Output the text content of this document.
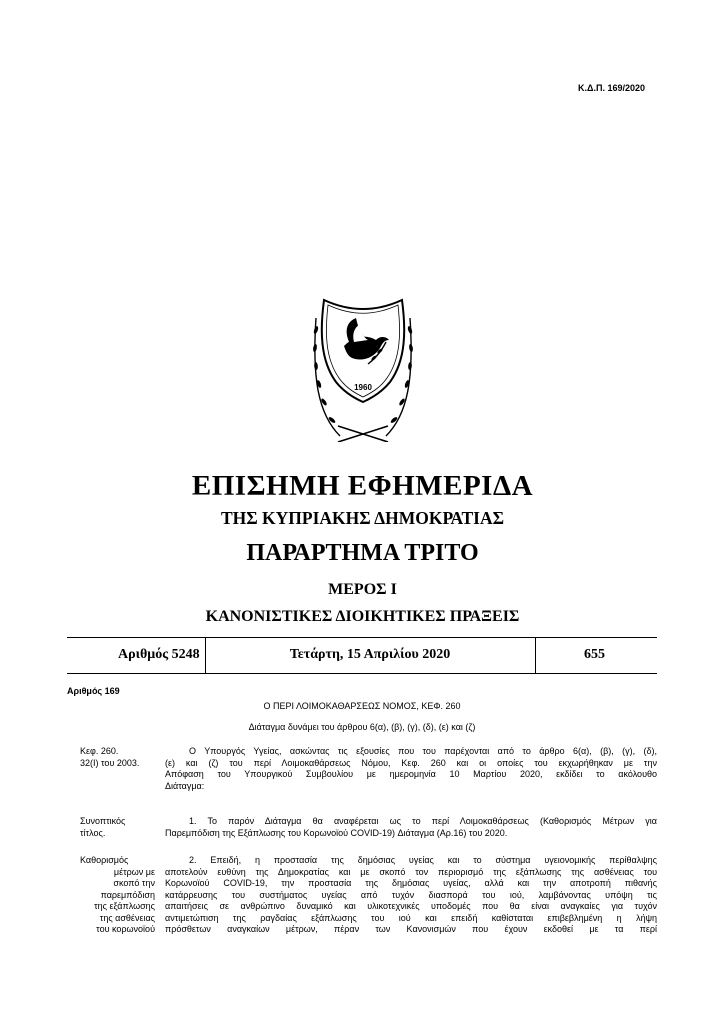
Κ.Δ.Π. 169/2020
1960
ΕΠΙΣΗΜΗ ΕΦΗΜΕΡΙΔΑ
ΤΗΣ ΚΥΠΡΙΑΚΗΣ ΔΗΜΟΚΡΑΤΙΑΣ
ΠΑΡΑΡΤΗΜΑ ΤΡΙΤΟ
ΜΕΡΟΣ Ι
ΚΑΝΟΝΙΣΤΙΚΕΣ ΔΙΟΙΚΗΤΙΚΕΣ ΠΡΑΞΕΙΣ
Αριθμός 5248	Τετάρτη, 15 Απριλίου 2020	655
Αριθμός 169
Ο ΠΕΡΙ ΛΟΙΜΟΚΑΘΑΡΣΕΩΣ ΝΟΜΟΣ, ΚΕΦ. 260
Διάταγμα δυνάμει του άρθρου 6(α), (β), (γ), (δ), (ε) και (ζ)
Κεφ. 260.
32(Ι) του 2003.
Ο Υπουργός Υγείας, ασκώντας τις εξουσίες που του παρέχονται από το άρθρο 6(α), (β), (γ), (δ),
(ε) και (ζ) του περί Λοιμοκαθάρσεως Νόμου, Κεφ. 260 και οι οποίες του εκχωρήθηκαν με την
Απόφαση του Υπουργικού Συμβουλίου με ημερομηνία 10 Μαρτίου 2020, εκδίδει το ακόλουθο
Διάταγμα:
Συνοπτικός
τίτλος.
1. Το παρόν Διάταγμα θα αναφέρεται ως το περί Λοιμοκαθάρσεως (Καθορισμός Μέτρων για
Παρεμπόδιση της Εξάπλωσης του Κορωνοϊού COVID-19) Διάταγμα (Αρ.16) του 2020.
Καθορισμός
μέτρων με
σκοπό την
παρεμπόδιση
της εξάπλωσης
της ασθένειας
του κορωνοϊού
2. Επειδή, η προστασία της δημόσιας υγείας και το σύστημα υγειονομικής περίθαλψης
αποτελούν ευθύνη της Δημοκρατίας και με σκοπό τον περιορισμό της εξάπλωσης της ασθένειας του
Κορωνοϊού COVID-19, την προστασία της δημόσιας υγείας, αλλά και την αποτροπή πιθανής
κατάρρευσης του συστήματος υγείας από τυχόν διασπορά του ιού, λαμβάνοντας υπόψη τις
απαιτήσεις σε ανθρώπινο δυναμικό και υλικοτεχνικές υποδομές που θα είναι αναγκαίες για τυχόν
αντιμετώπιση της ραγδαίας εξάπλωσης του ιού και επειδή καθίσταται επιβεβλημένη η λήψη
πρόσθετων αναγκαίων μέτρων, πέραν των Κανονισμών που έχουν εκδοθεί με τα περί
